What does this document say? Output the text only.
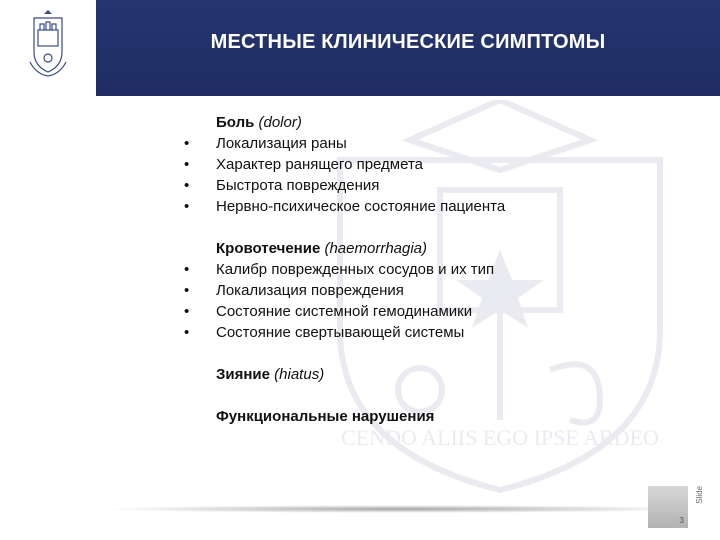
МЕСТНЫЕ КЛИНИЧЕСКИЕ СИМПТОМЫ
CENDO ALIIS EGO IPSE ARDEO
Боль (dolor)
• Локализация раны
• Характер ранящего предмета
• Быстрота повреждения
• Нервно-психическое состояние пациента
Кровотечение (haemorrhagia)
• Калибр поврежденных сосудов и их тип
• Локализация повреждения
• Состояние системной гемодинамики
• Состояние свертывающей системы
Зияние (hiatus)
Функциональные нарушения
3
Slide
